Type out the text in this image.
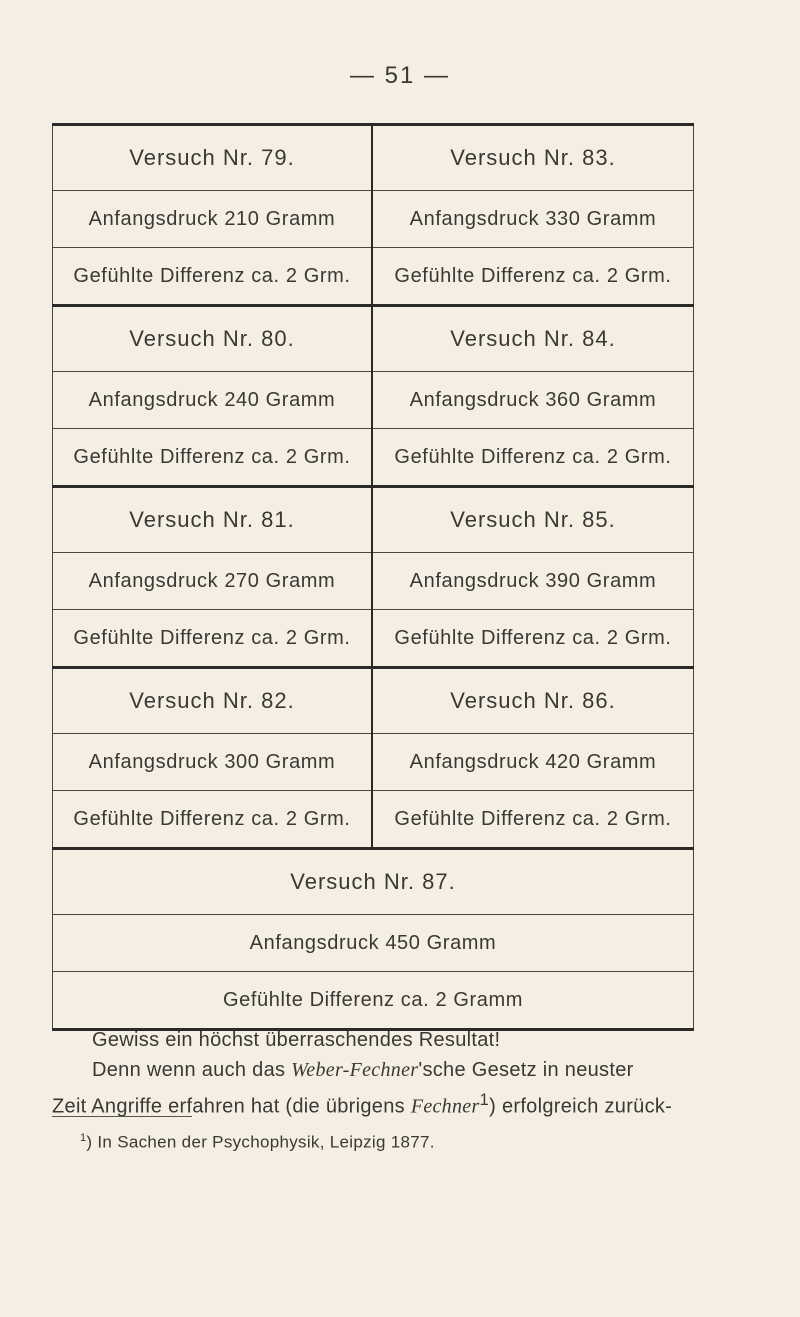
— 51 —
Versuch Nr. 79.	Versuch Nr. 83.
Anfangsdruck 210 Gramm	Anfangsdruck 330 Gramm
Gefühlte Differenz ca. 2 Grm.	Gefühlte Differenz ca. 2 Grm.
Versuch Nr. 80.	Versuch Nr. 84.
Anfangsdruck 240 Gramm	Anfangsdruck 360 Gramm
Gefühlte Differenz ca. 2 Grm.	Gefühlte Differenz ca. 2 Grm.
Versuch Nr. 81.	Versuch Nr. 85.
Anfangsdruck 270 Gramm	Anfangsdruck 390 Gramm
Gefühlte Differenz ca. 2 Grm.	Gefühlte Differenz ca. 2 Grm.
Versuch Nr. 82.	Versuch Nr. 86.
Anfangsdruck 300 Gramm	Anfangsdruck 420 Gramm
Gefühlte Differenz ca. 2 Grm.	Gefühlte Differenz ca. 2 Grm.
Versuch Nr. 87.	
Anfangsdruck 450 Gramm	
Gefühlte Differenz ca. 2 Gramm	

Gewiss ein höchst überraschendes Resultat!

Denn wenn auch das Weber-Fechner'sche Gesetz in neuster

Zeit Angriffe erfahren hat (die übrigens Fechner$^1$) erfolgreich zurück-

$^1$) In Sachen der Psychophysik, Leipzig 1877.
